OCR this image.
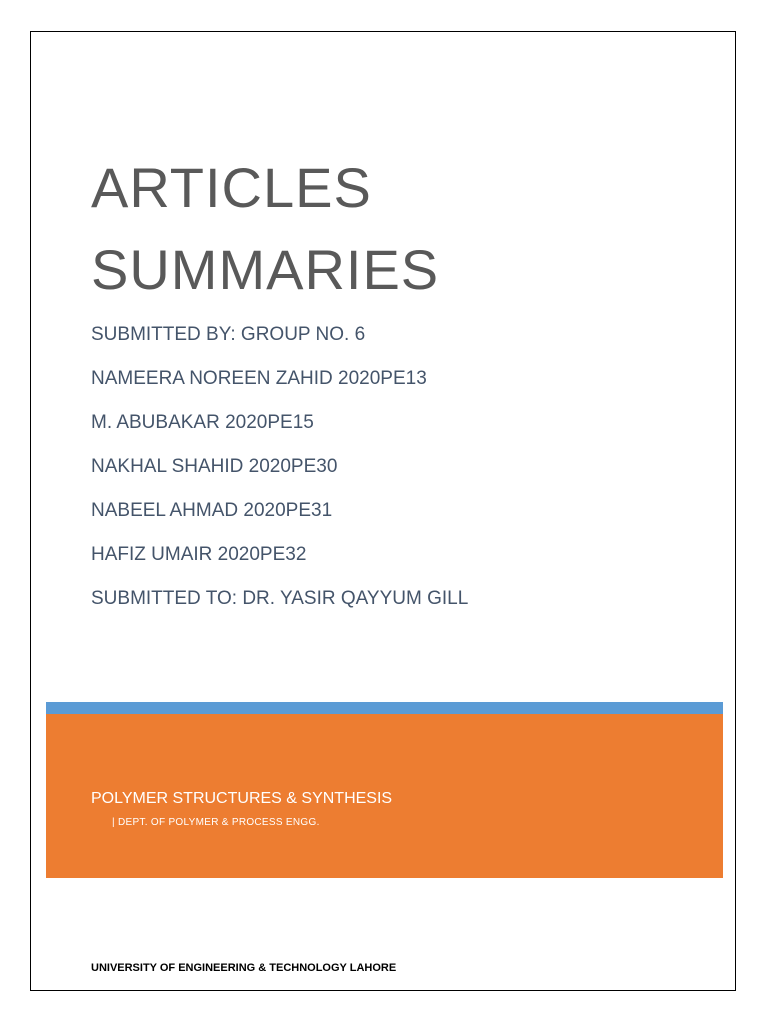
ARTICLES
SUMMARIES
SUBMITTED BY: GROUP NO. 6
NAMEERA NOREEN ZAHID 2020PE13
M. ABUBAKAR 2020PE15
NAKHAL SHAHID 2020PE30
NABEEL AHMAD 2020PE31
HAFIZ UMAIR 2020PE32
SUBMITTED TO: DR. YASIR QAYYUM GILL
POLYMER STRUCTURES & SYNTHESIS
| DEPT. OF POLYMER & PROCESS ENGG.
UNIVERSITY OF ENGINEERING & TECHNOLOGY LAHORE
